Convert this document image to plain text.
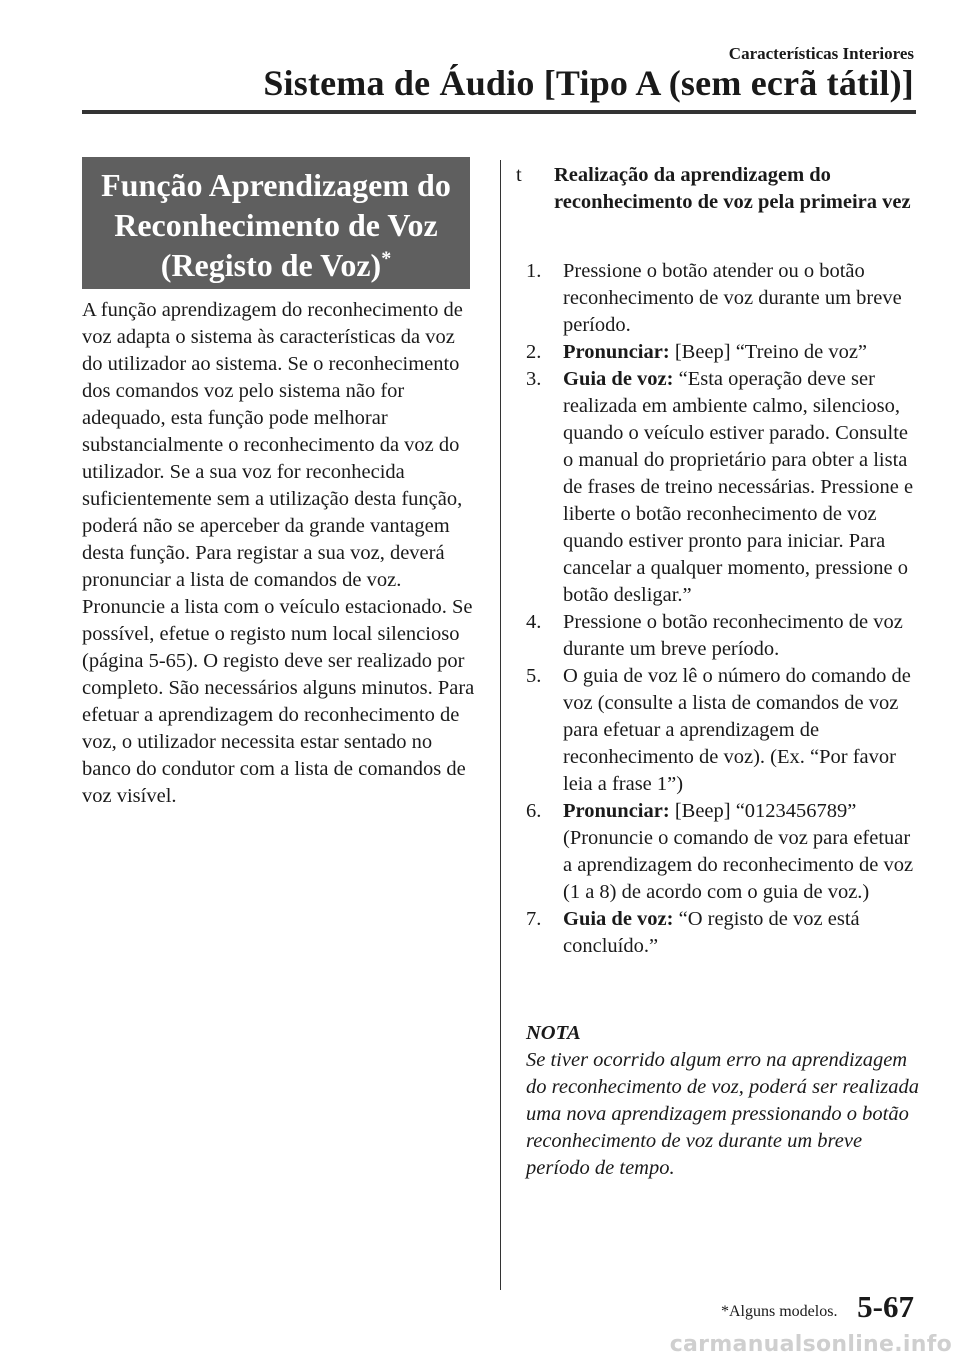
Características Interiores
Sistema de Áudio [Tipo A (sem ecrã tátil)]
Função Aprendizagem do
Reconhecimento de Voz
(Registo de Voz)*

A função aprendizagem do reconhecimento de voz adapta o sistema às características da voz do utilizador ao sistema. Se o reconhecimento dos comandos voz pelo sistema não for adequado, esta função pode melhorar substancialmente o reconhecimento da voz do utilizador. Se a sua voz for reconhecida suficientemente sem a utilização desta função, poderá não se aperceber da grande vantagem desta função. Para registar a sua voz, deverá pronunciar a lista de comandos de voz. Pronuncie a lista com o veículo estacionado. Se possível, efetue o registo num local silencioso (página 5-65). O registo deve ser realizado por completo. São necessários alguns minutos. Para efetuar a aprendizagem do reconhecimento de voz, o utilizador necessita estar sentado no banco do condutor com a lista de comandos de voz visível.

t Realização da aprendizagem do reconhecimento de voz pela primeira vez
1. Pressione o botão atender ou o botão reconhecimento de voz durante um breve período.
2. Pronunciar: [Beep] “Treino de voz”
3. Guia de voz: “Esta operação deve ser realizada em ambiente calmo, silencioso, quando o veículo estiver parado. Consulte o manual do proprietário para obter a lista de frases de treino necessárias. Pressione e liberte o botão reconhecimento de voz quando estiver pronto para iniciar. Para cancelar a qualquer momento, pressione o botão desligar.”
4. Pressione o botão reconhecimento de voz durante um breve período.
5. O guia de voz lê o número do comando de voz (consulte a lista de comandos de voz para efetuar a aprendizagem de reconhecimento de voz). (Ex. “Por favor leia a frase 1”)
6. Pronunciar: [Beep] “0123456789” (Pronuncie o comando de voz para efetuar a aprendizagem do reconhecimento de voz (1 a 8) de acordo com o guia de voz.)
7. Guia de voz: “O registo de voz está concluído.”
NOTA

Se tiver ocorrido algum erro na aprendizagem do reconhecimento de voz, poderá ser realizada uma nova aprendizagem pressionando o botão reconhecimento de voz durante um breve período de tempo.

*Alguns modelos. 5-67
carmanualsonline.info
